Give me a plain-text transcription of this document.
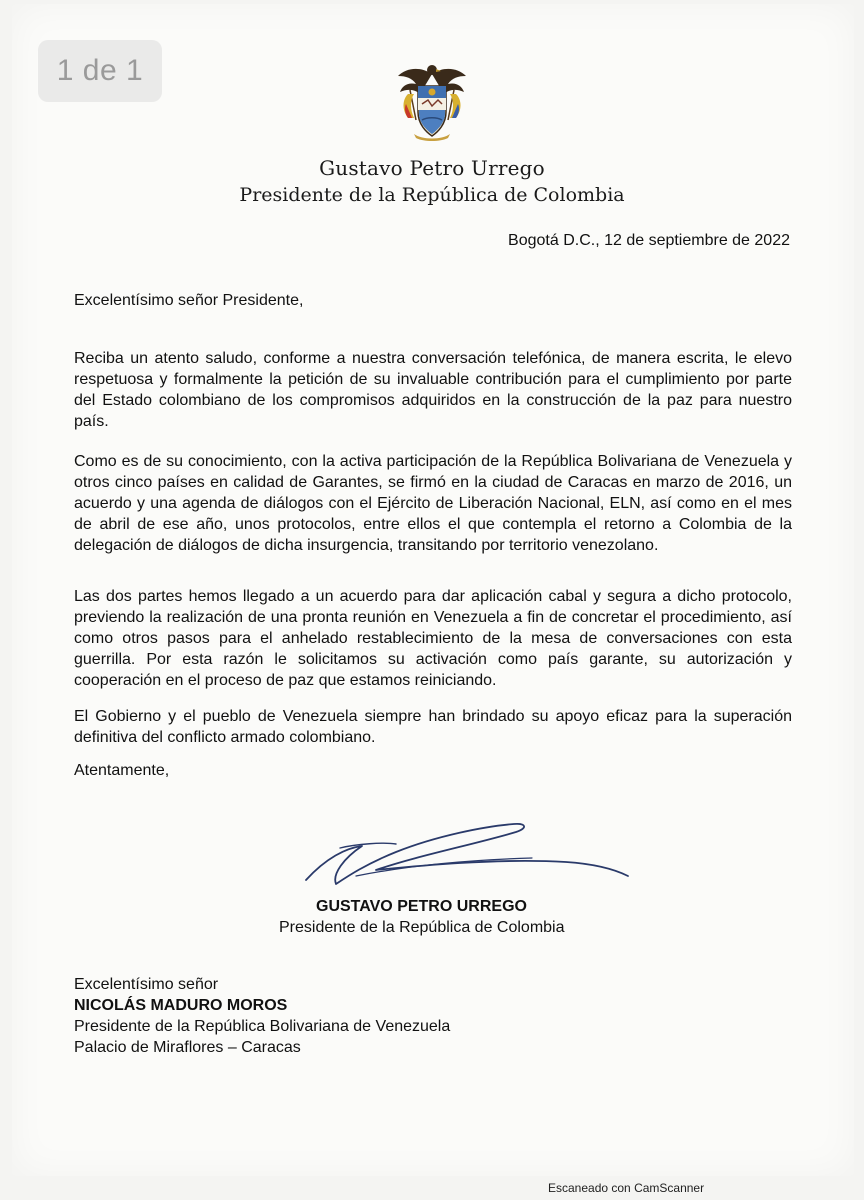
1 de 1
Gustavo Petro Urrego
Presidente de la República de Colombia
Bogotá D.C., 12 de septiembre de 2022
Excelentísimo señor Presidente,

Reciba un atento saludo, conforme a nuestra conversación telefónica, de manera escrita, le elevo respetuosa y formalmente la petición de su invaluable contribución para el cumplimiento por parte del Estado colombiano de los compromisos adquiridos en la construcción de la paz para nuestro país.

Como es de su conocimiento, con la activa participación de la República Bolivariana de Venezuela y otros cinco países en calidad de Garantes, se firmó en la ciudad de Caracas en marzo de 2016, un acuerdo y una agenda de diálogos con el Ejército de Liberación Nacional, ELN, así como en el mes de abril de ese año, unos protocolos, entre ellos el que contempla el retorno a Colombia de la delegación de diálogos de dicha insurgencia, transitando por territorio venezolano.

Las dos partes hemos llegado a un acuerdo para dar aplicación cabal y segura a dicho protocolo, previendo la realización de una pronta reunión en Venezuela a fin de concretar el procedimiento, así como otros pasos para el anhelado restablecimiento de la mesa de conversaciones con esta guerrilla. Por esta razón le solicitamos su activación como país garante, su autorización y cooperación en el proceso de paz que estamos reiniciando.

El Gobierno y el pueblo de Venezuela siempre han brindado su apoyo eficaz para la superación definitiva del conflicto armado colombiano.

Atentamente,
GUSTAVO PETRO URREGO
Presidente de la República de Colombia
Excelentísimo señor
NICOLÁS MADURO MOROS
Presidente de la República Bolivariana de Venezuela
Palacio de Miraflores – Caracas
Escaneado con CamScanner
